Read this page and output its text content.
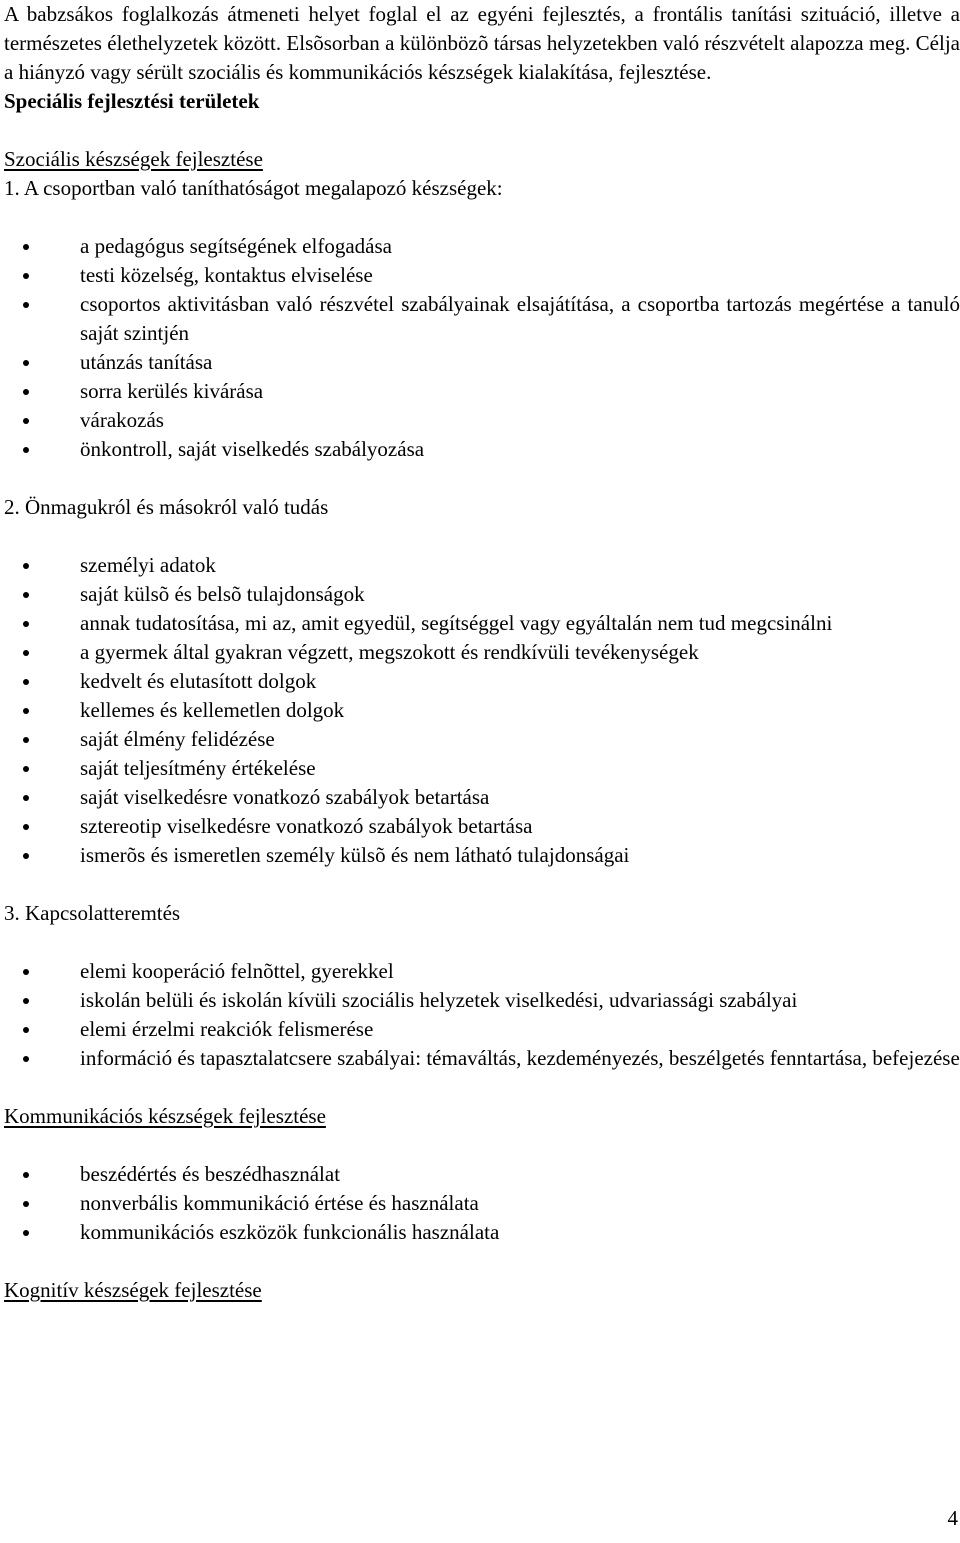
A babzsákos foglalkozás átmeneti helyet foglal el az egyéni fejlesztés, a frontális tanítási szituáció, illetve a természetes élethelyzetek között. Elsõsorban a különbözõ társas helyzetekben való részvételt alapozza meg. Célja a hiányzó vagy sérült szociális és kommunikációs készségek kialakítása, fejlesztése.

Speciális fejlesztési területek

Szociális készségek fejlesztése

1. A csoportban való taníthatóságot megalapozó készségek:

a pedagógus segítségének elfogadása
testi közelség, kontaktus elviselése
csoportos aktivitásban való részvétel szabályainak elsajátítása, a csoportba tartozás megértése a tanuló saját szintjén
utánzás tanítása
sorra kerülés kivárása
várakozás
önkontroll, saját viselkedés szabályozása

2. Önmagukról és másokról való tudás

személyi adatok
saját külsõ és belsõ tulajdonságok
annak tudatosítása, mi az, amit egyedül, segítséggel vagy egyáltalán nem tud megcsinálni
a gyermek által gyakran végzett, megszokott és rendkívüli tevékenységek
kedvelt és elutasított dolgok
kellemes és kellemetlen dolgok
saját élmény felidézése
saját teljesítmény értékelése
saját viselkedésre vonatkozó szabályok betartása
sztereotip viselkedésre vonatkozó szabályok betartása
ismerõs és ismeretlen személy külsõ és nem látható tulajdonságai

3. Kapcsolatteremtés

elemi kooperáció felnõttel, gyerekkel
iskolán belüli és iskolán kívüli szociális helyzetek viselkedési, udvariassági szabályai
elemi érzelmi reakciók felismerése
információ és tapasztalatcsere szabályai: témaváltás, kezdeményezés, beszélgetés fenntartása, befejezése

Kommunikációs készségek fejlesztése

beszédértés és beszédhasználat
nonverbális kommunikáció értése és használata
kommunikációs eszközök funkcionális használata

Kognitív készségek fejlesztése

4
